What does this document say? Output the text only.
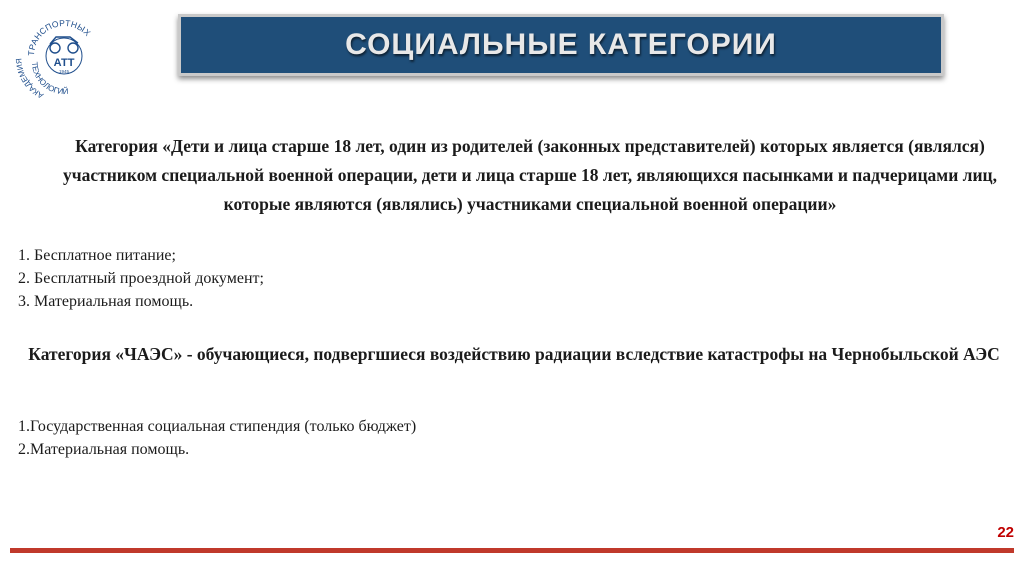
ТРАНСПОРТНЫХ
ТЕХНОЛОГИЙ
АКАДЕМИЯ	АТТ
1945
СОЦИАЛЬНЫЕ КАТЕГОРИИ
Категория «Дети и лица старше 18 лет, один из родителей (законных представителей) которых является (являлся) участником специальной военной операции, дети и лица старше 18 лет, являющихся пасынками и падчерицами лиц, которые являются (являлись) участниками специальной военной операции»
1. Бесплатное питание;
2. Бесплатный проездной документ;
3. Материальная помощь.
Категория «ЧАЭС» - обучающиеся, подвергшиеся воздействию радиации вследствие катастрофы на Чернобыльской АЭС
1.Государственная социальная стипендия (только бюджет)
2.Материальная помощь.
22
